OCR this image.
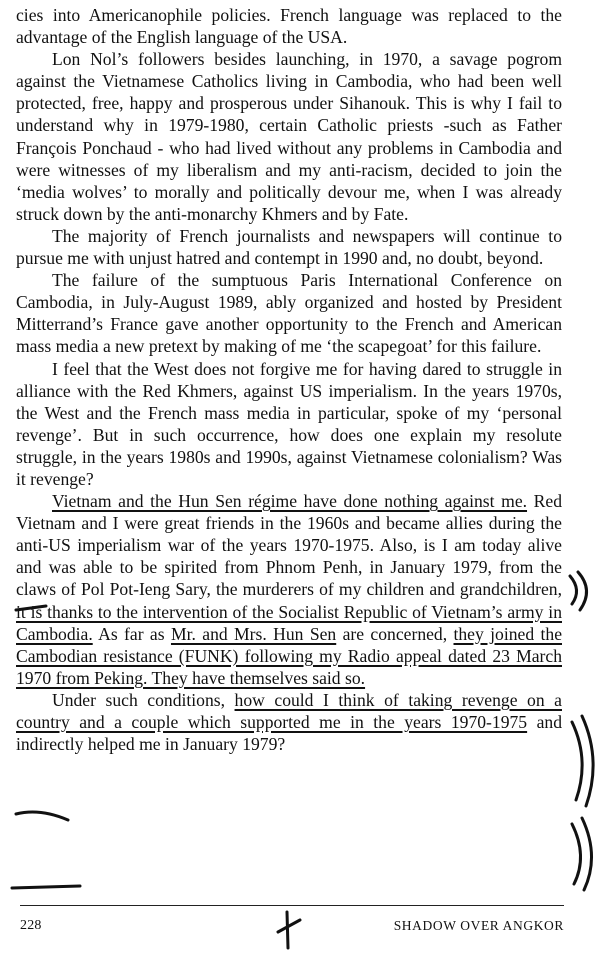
cies into Americanophile policies. French language was replaced to the advantage of the English language of the USA.

Lon Nol’s followers besides launching, in 1970, a savage pogrom against the Vietnamese Catholics living in Cambodia, who had been well protected, free, happy and prosperous under Sihanouk. This is why I fail to understand why in 1979-1980, certain Catholic priests -such as Father François Ponchaud - who had lived without any problems in Cambodia and were witnesses of my liberalism and my anti-racism, decided to join the ‘media wolves’ to morally and politically devour me, when I was already struck down by the anti-monarchy Khmers and by Fate.

The majority of French journalists and newspapers will continue to pursue me with unjust hatred and contempt in 1990 and, no doubt, beyond.

The failure of the sumptuous Paris International Conference on Cambodia, in July-August 1989, ably organized and hosted by President Mitterrand’s France gave another opportunity to the French and American mass media a new pretext by making of me ‘the scapegoat’ for this failure.

I feel that the West does not forgive me for having dared to struggle in alliance with the Red Khmers, against US imperialism. In the years 1970s, the West and the French mass media in particular, spoke of my ‘personal revenge’. But in such occurrence, how does one explain my resolute struggle, in the years 1980s and 1990s, against Vietnamese colonialism? Was it revenge?

Vietnam and the Hun Sen régime have done nothing against me. Red Vietnam and I were great friends in the 1960s and became allies during the anti-US imperialism war of the years 1970-1975. Also, is I am today alive and was able to be spirited from Phnom Penh, in January 1979, from the claws of Pol Pot-Ieng Sary, the murderers of my children and grandchildren, it is thanks to the intervention of the Socialist Republic of Vietnam’s army in Cambodia. As far as Mr. and Mrs. Hun Sen are concerned, they joined the Cambodian resistance (FUNK) following my Radio appeal dated 23 March 1970 from Peking. They have themselves said so.

Under such conditions, how could I think of taking revenge on a country and a couple which supported me in the years 1970-1975 and indirectly helped me in January 1979?

228	SHADOW OVER ANGKOR
